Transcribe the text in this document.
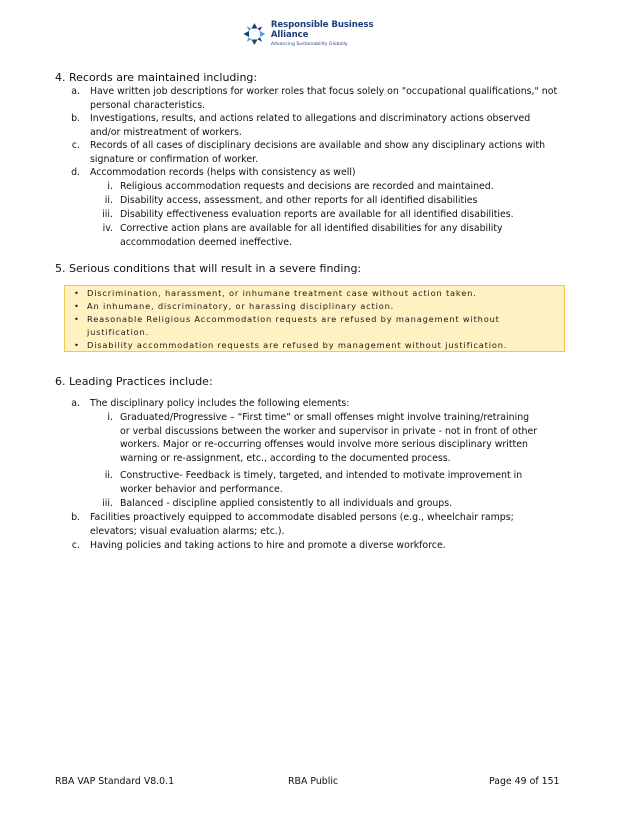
Responsible Business Alliance
Advancing Sustainability Globally
4. Records are maintained including:
a.	Have written job descriptions for worker roles that focus solely on "occupational qualifications," not personal characteristics.
b.	Investigations, results, and actions related to allegations and discriminatory actions observed and/or mistreatment of workers.
c.	Records of all cases of disciplinary decisions are available and show any disciplinary actions with signature or confirmation of worker.
d.	Accommodation records (helps with consistency as well)
i. Religious accommodation requests and decisions are recorded and maintained.
ii. Disability access, assessment, and other reports for all identified disabilities
iii. Disability effectiveness evaluation reports are available for all identified disabilities.
iv. Corrective action plans are available for all identified disabilities for any disability accommodation deemed ineffective.
5. Serious conditions that will result in a severe finding:
• Discrimination, harassment, or inhumane treatment case without action taken.
• An inhumane, discriminatory, or harassing disciplinary action.
• Reasonable Religious Accommodation requests are refused by management without justification.
• Disability accommodation requests are refused by management without justification.
6. Leading Practices include:
a.	The disciplinary policy includes the following elements:
i. Graduated/Progressive – “First time” or small offenses might involve training/retraining or verbal discussions between the worker and supervisor in private - not in front of other workers. Major or re-occurring offenses would involve more serious disciplinary written warning or re-assignment, etc., according to the documented process.
ii. Constructive- Feedback is timely, targeted, and intended to motivate improvement in worker behavior and performance.
iii. Balanced - discipline applied consistently to all individuals and groups.
b.	Facilities proactively equipped to accommodate disabled persons (e.g., wheelchair ramps; elevators; visual evaluation alarms; etc.).
c.	Having policies and taking actions to hire and promote a diverse workforce.
RBA VAP Standard V8.0.1	RBA Public	Page 49 of 151
